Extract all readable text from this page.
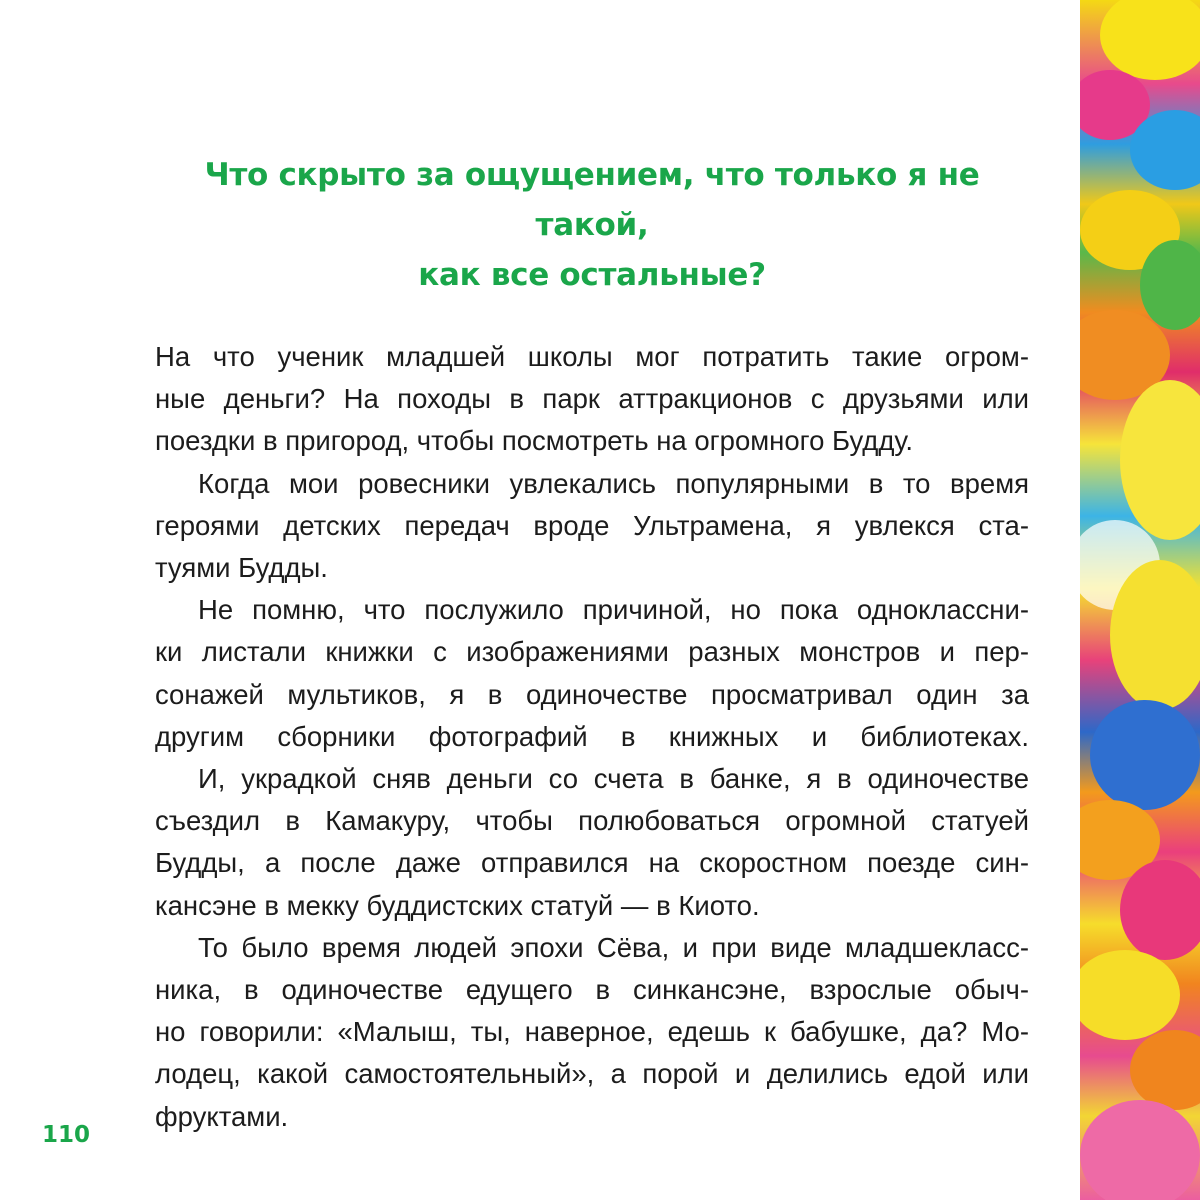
Что скрыто за ощущением, что только я не такой,
как все остальные?

На что ученик младшей школы мог потратить такие огром-
ные деньги? На походы в парк аттракционов с друзьями или
поездки в пригород, чтобы посмотреть на огромного Будду.

Когда мои ровесники увлекались популярными в то время
героями детских передач вроде Ультрамена, я увлекся ста-
туями Будды.

Не помню, что послужило причиной, но пока одноклассни-
ки листали книжки с изображениями разных монстров и пер-
сонажей мультиков, я в одиночестве просматривал один за
другим сборники фотографий в книжных и библиотеках.

И, украдкой сняв деньги со счета в банке, я в одиночестве
съездил в Камакуру, чтобы полюбоваться огромной статуей
Будды, а после даже отправился на скоростном поезде син-
кансэне в мекку буддистских статуй — в Киото.

То было время людей эпохи Сёва, и при виде младшекласс-
ника, в одиночестве едущего в синкансэне, взрослые обыч-
но говорили: «Малыш, ты, наверное, едешь к бабушке, да? Мо-
лодец, какой самостоятельный», а порой и делились едой или
фруктами.

110
